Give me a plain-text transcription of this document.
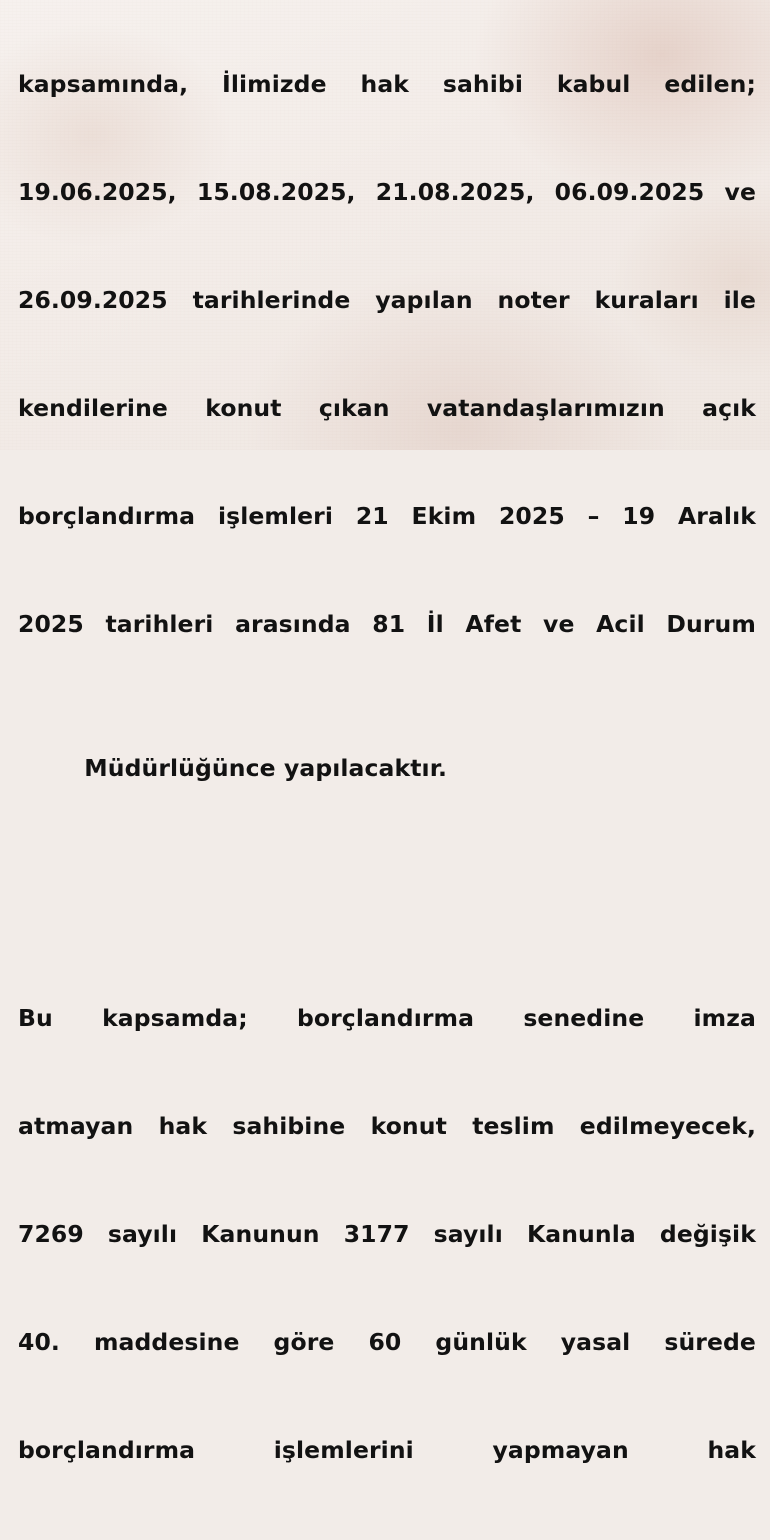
kapsamında, İlimizde hak sahibi kabul edilen;

19.06.2025, 15.08.2025, 21.08.2025, 06.09.2025 ve

26.09.2025 tarihlerinde yapılan noter kuraları ile

kendilerine konut çıkan vatandaşlarımızın açık

borçlandırma işlemleri 21 Ekim 2025 – 19 Aralık

2025 tarihleri arasında 81 İl Afet ve Acil Durum

Müdürlüğünce yapılacaktır.

Bu kapsamda; borçlandırma senedine imza

atmayan hak sahibine konut teslim edilmeyecek,

7269 sayılı Kanunun 3177 sayılı Kanunla değişik

40. maddesine göre 60 günlük yasal sürede

borçlandırma	işlemlerini	yapmayan	hak
